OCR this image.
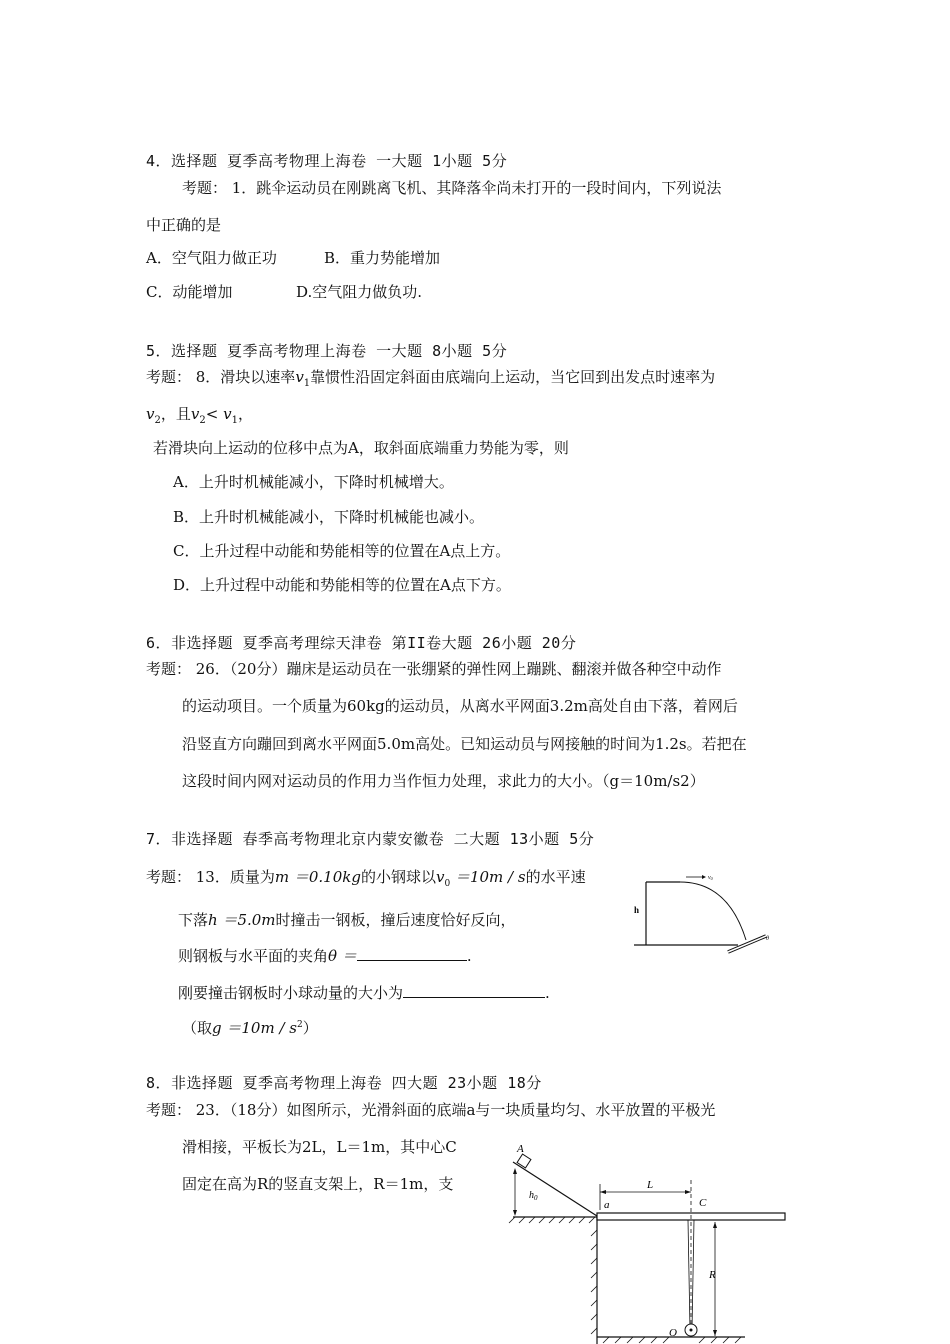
4．选择题 夏季高考物理上海卷 一大题 1小题 5分
考题： 1．跳伞运动员在刚跳离飞机、其降落伞尚未打开的一段时间内，下列说法
中正确的是
A．空气阻力做正功	B．重力势能增加
C．动能增加	D.空气阻力做负功.
5．选择题 夏季高考物理上海卷 一大题 8小题 5分
考题： 8．滑块以速率$v_1$靠惯性沿固定斜面由底端向上运动，当它回到出发点时速率为
$v_2$，且$v_2< v_1$，
若滑块向上运动的位移中点为A，取斜面底端重力势能为零，则
A．上升时机械能减小，下降时机械增大。
B．上升时机械能减小，下降时机械能也减小。
C．上升过程中动能和势能相等的位置在A点上方。
D．上升过程中动能和势能相等的位置在A点下方。
6．非选择题 夏季高考理综天津卷 第II卷大题 26小题 20分
考题： 26．（20分）蹦床是运动员在一张绷紧的弹性网上蹦跳、翻滚并做各种空中动作
的运动项目。一个质量为60kg的运动员，从离水平网面3.2m高处自由下落，着网后
沿竖直方向蹦回到离水平网面5.0m高处。已知运动员与网接触的时间为1.2s。若把在
这段时间内网对运动员的作用力当作恒力处理，求此力的大小。（g＝10m/s2）
7．非选择题 春季高考物理北京内蒙安徽卷 二大题 13小题 5分
考题： 13．质量为m ＝0.10kg的小钢球以$v_0 =10m / s$的水平速
下落h ＝5.0m时撞击一钢板，撞后速度恰好反向，
则钢板与水平面的夹角θ ＝	.
刚要撞击钢板时小球动量的大小为	.
（取$g =10m / s^2$）
v0
h
θ
8．非选择题 夏季高考物理上海卷 四大题 23小题 18分
考题： 23．（18分）如图所示，光滑斜面的底端a与一块质量均匀、水平放置的平极光
滑相接，平板长为2L，L＝1m，其中心C
固定在高为R的竖直支架上，R＝1m，支
A
$h_0$
a
L
C
R
O
